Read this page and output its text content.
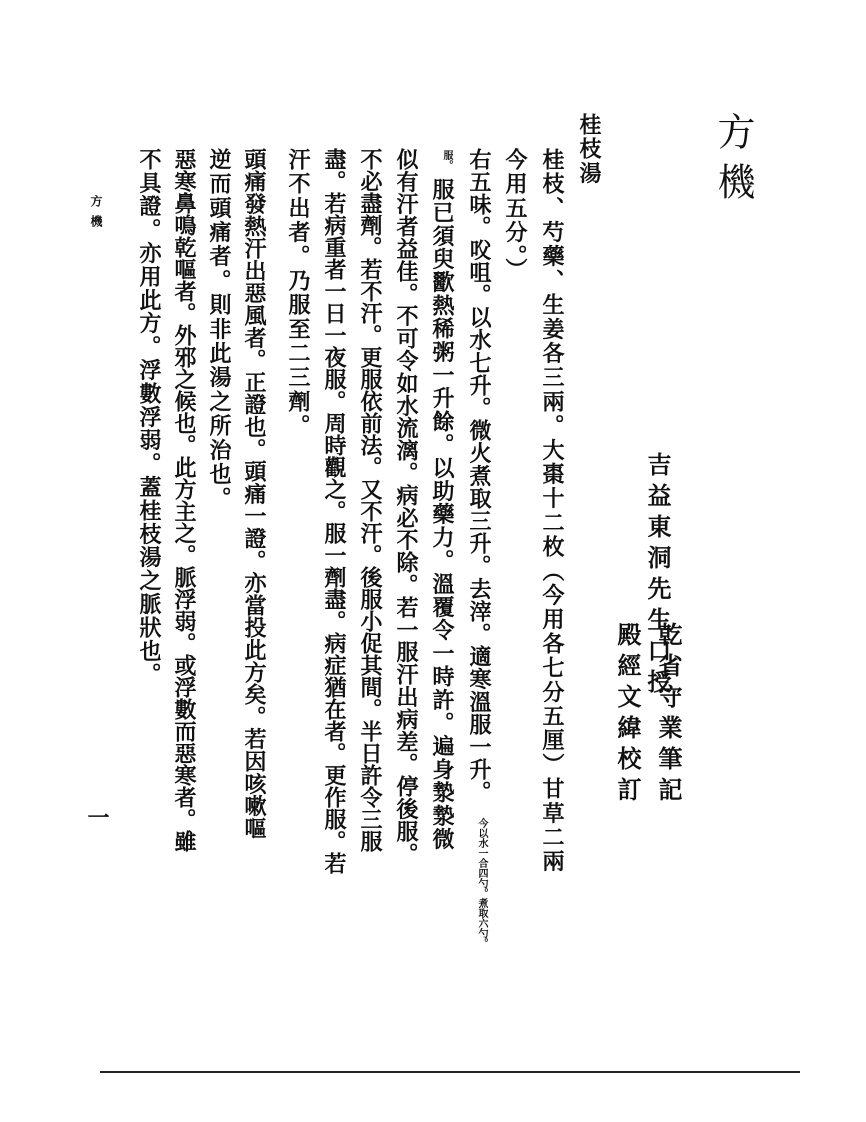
方機
吉益東洞先生口授
乾省守業筆記
殿經文緯校訂
桂枝湯
桂枝、芍藥、生姜各三兩。大棗十二枚（今用各七分五厘）甘草二兩
今用五分。）
右五味。㕮咀。以水七升。微火煮取三升。去滓。適寒溫服一升。
今以水一合四勺。煮取六勺。
服。
服已須臾歠熱稀粥一升餘。以助藥力。溫覆令一時許。遍身漐漐微
似有汗者益佳。不可令如水流漓。病必不除。若一服汗出病差。停後服。
不必盡劑。若不汗。更服依前法。又不汗。後服小促其間。半日許令三服
盡。若病重者一日一夜服。周時觀之。服一劑盡。病症猶在者。更作服。若
汗不出者。乃服至二三劑。
頭痛發熱汗出惡風者。正證也。頭痛一證。亦當投此方矣。若因咳嗽嘔
逆而頭痛者。則非此湯之所治也。
惡寒鼻鳴乾嘔者。外邪之候也。此方主之。脈浮弱。或浮數而惡寒者。雖
不具證。亦用此方。浮數浮弱。蓋桂枝湯之脈狀也。
方機
一
